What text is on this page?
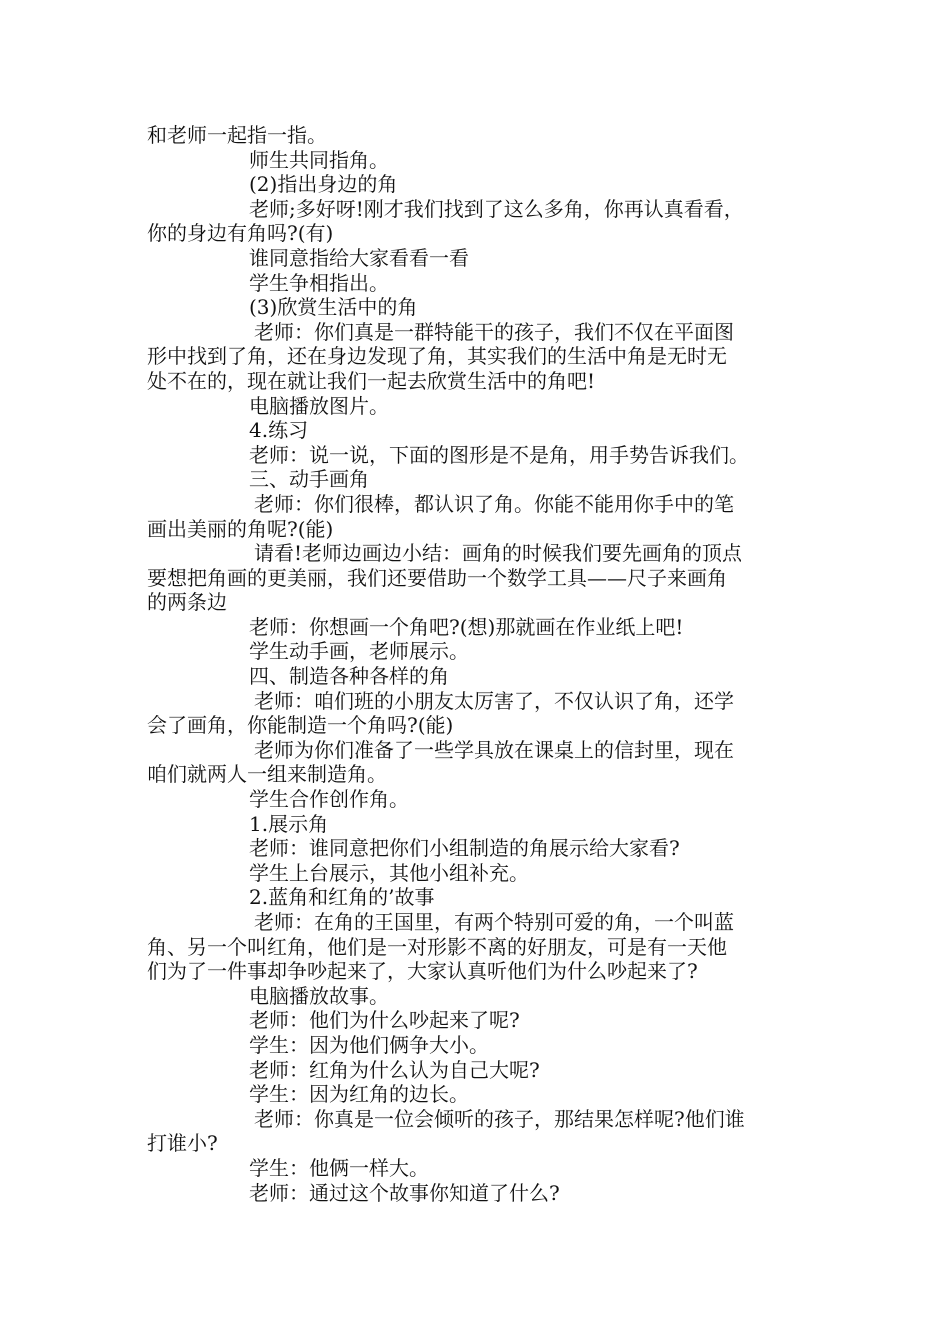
和老师一起指一指。
师生共同指角。
(2)指出身边的角
老师;多好呀!刚才我们找到了这么多角，你再认真看看，
你的身边有角吗?(有)
谁同意指给大家看看一看
学生争相指出。
(3)欣赏生活中的角
老师：你们真是一群特能干的孩子，我们不仅在平面图
形中找到了角，还在身边发现了角，其实我们的生活中角是无时无
处不在的，现在就让我们一起去欣赏生活中的角吧!
电脑播放图片。
4.练习
老师：说一说，下面的图形是不是角，用手势告诉我们。
三、动手画角
老师：你们很棒，都认识了角。你能不能用你手中的笔
画出美丽的角呢?(能)
请看!老师边画边小结：画角的时候我们要先画角的顶点
要想把角画的更美丽，我们还要借助一个数学工具——尺子来画角
的两条边
老师：你想画一个角吧?(想)那就画在作业纸上吧!
学生动手画，老师展示。
四、制造各种各样的角
老师：咱们班的小朋友太厉害了，不仅认识了角，还学
会了画角，你能制造一个角吗?(能)
老师为你们准备了一些学具放在课桌上的信封里，现在
咱们就两人一组来制造角。
学生合作创作角。
1.展示角
老师：谁同意把你们小组制造的角展示给大家看?
学生上台展示，其他小组补充。
2.蓝角和红角的’故事
老师：在角的王国里，有两个特别可爱的角，一个叫蓝
角、另一个叫红角，他们是一对形影不离的好朋友，可是有一天他
们为了一件事却争吵起来了，大家认真听他们为什么吵起来了?
电脑播放故事。
老师：他们为什么吵起来了呢?
学生：因为他们俩争大小。
老师：红角为什么认为自己大呢?
学生：因为红角的边长。
老师：你真是一位会倾听的孩子，那结果怎样呢?他们谁
打谁小?
学生：他俩一样大。
老师：通过这个故事你知道了什么?
